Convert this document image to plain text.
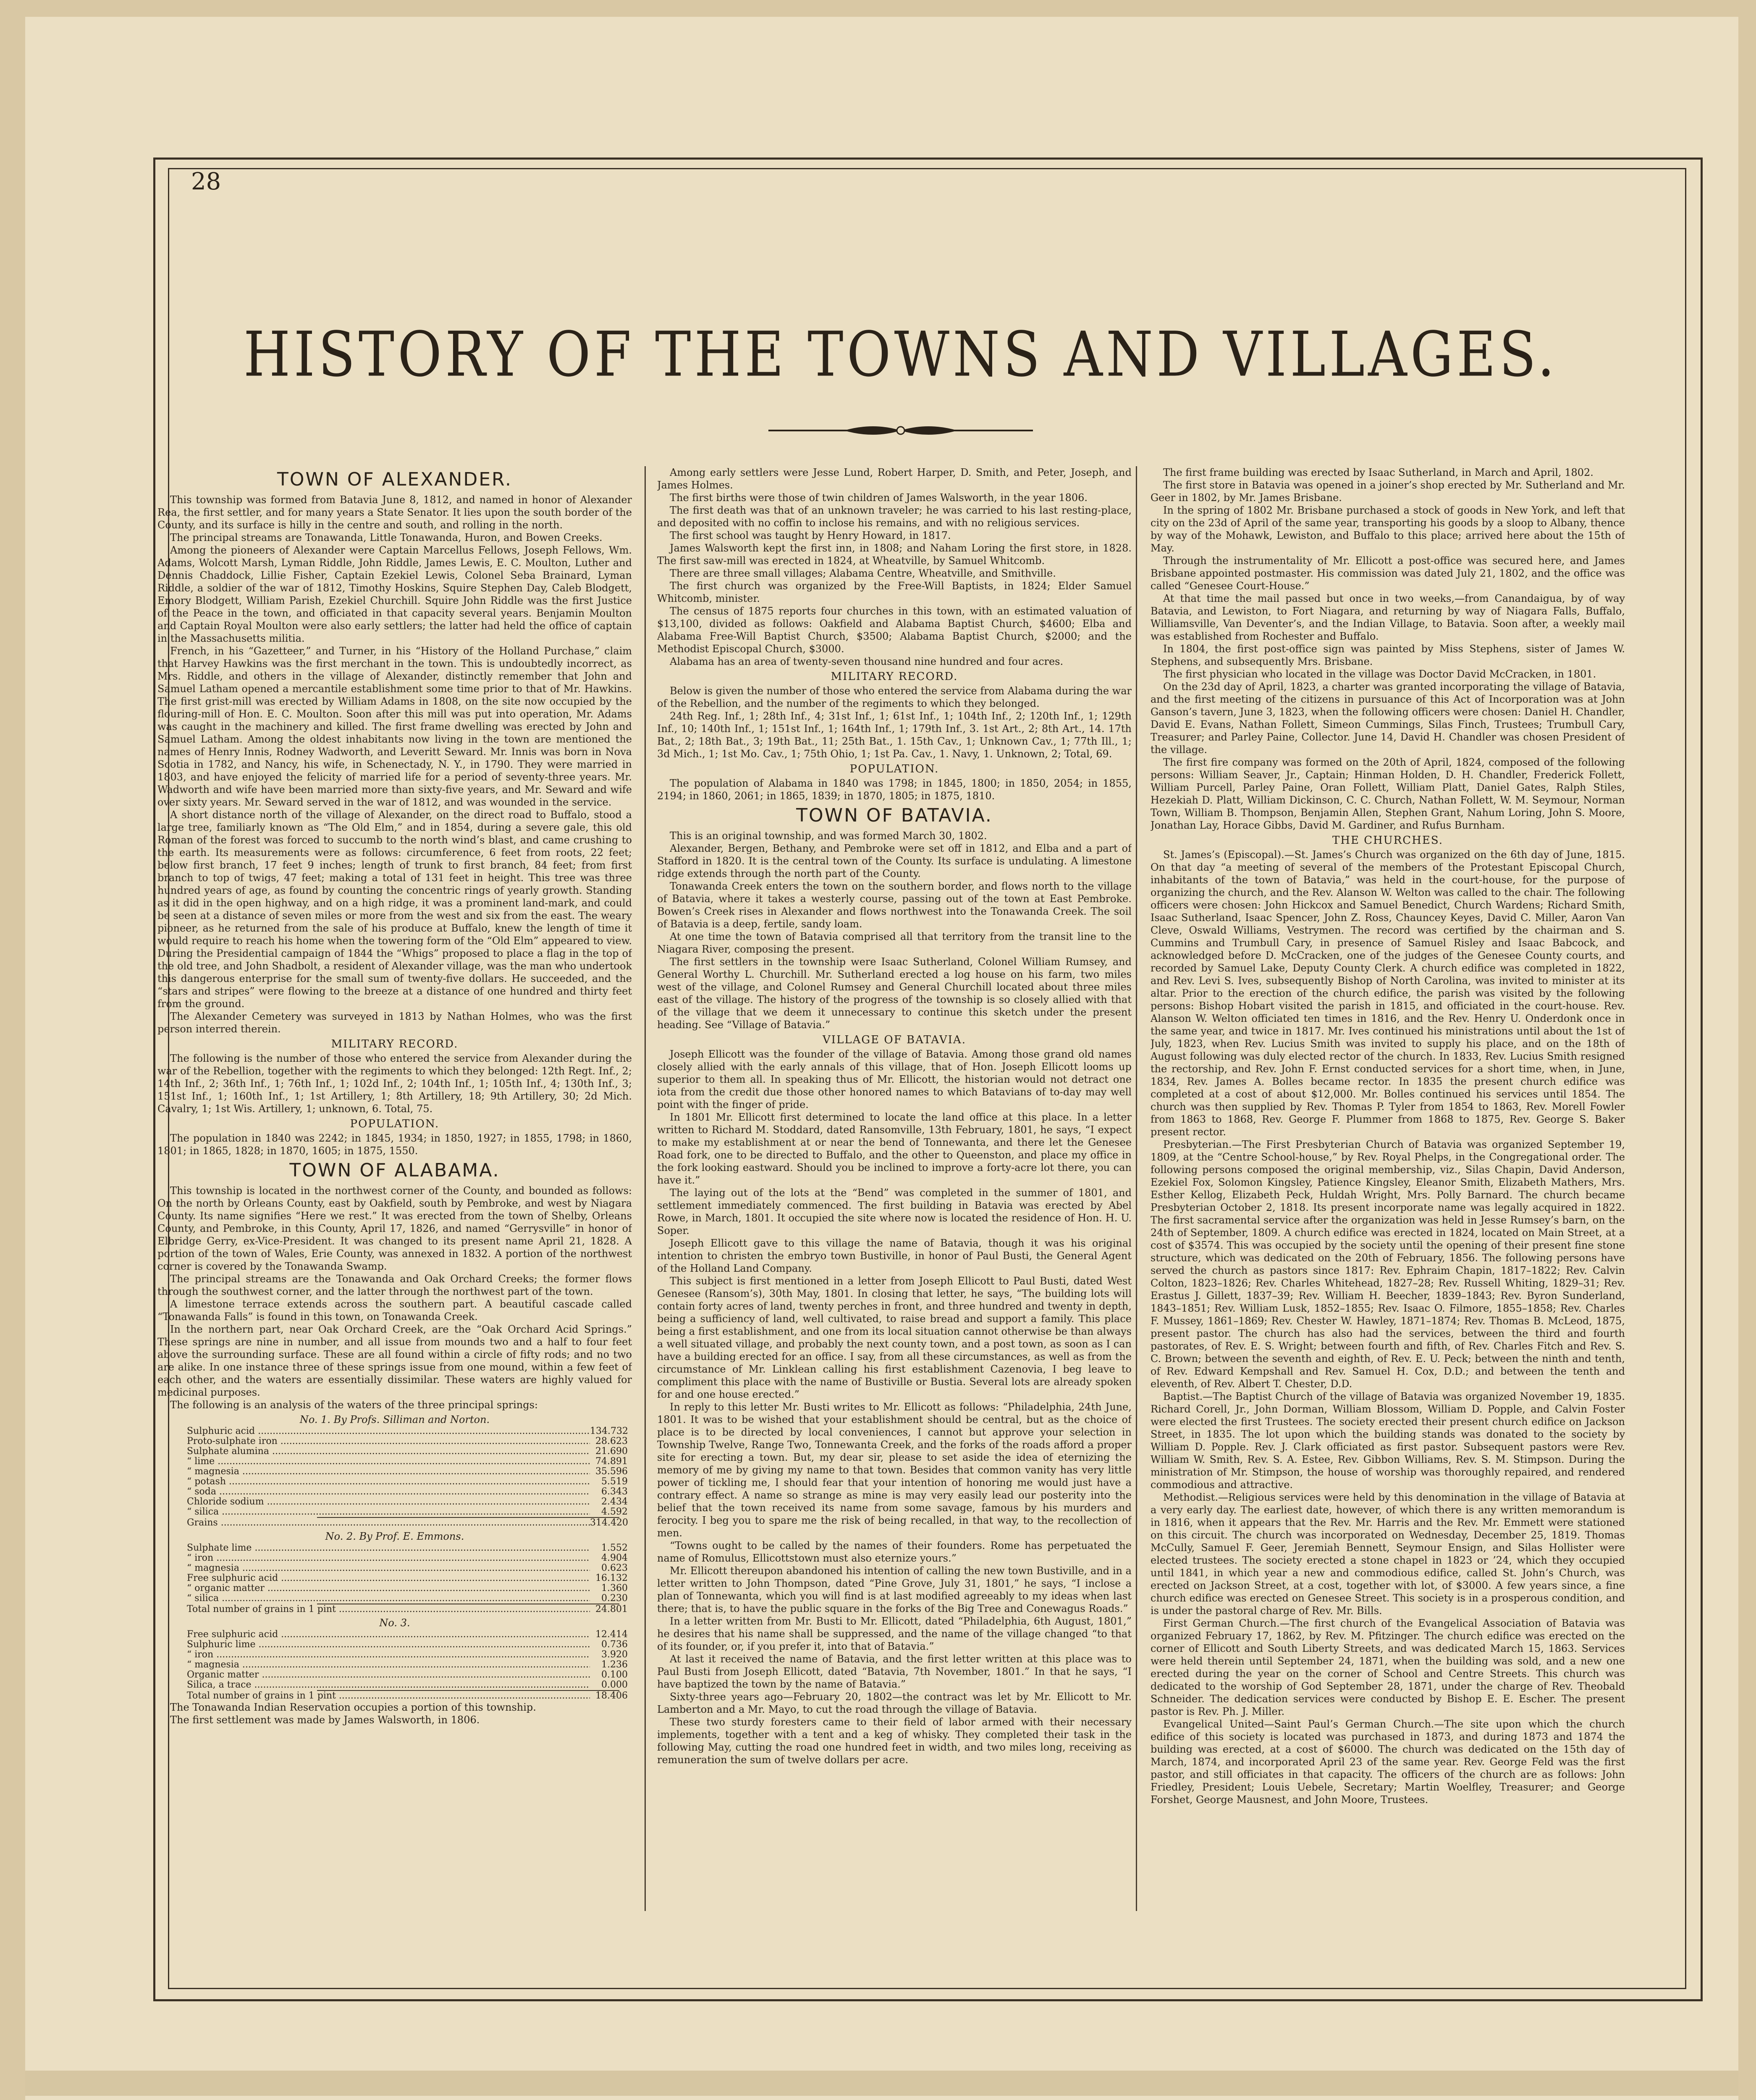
28
HISTORY OF THE TOWNS AND VILLAGES.
TOWN OF ALEXANDER.

This township was formed from Batavia June 8, 1812, and named in honor of Alexander Rea, the first settler, and for many years a State Senator. It lies upon the south border of the County, and its surface is hilly in the centre and south, and rolling in the north.

The principal streams are Tonawanda, Little Tonawanda, Huron, and Bowen Creeks.

Among the pioneers of Alexander were Captain Marcellus Fellows, Joseph Fellows, Wm. Adams, Wolcott Marsh, Lyman Riddle, John Riddle, James Lewis, E. C. Moulton, Luther and Dennis Chaddock, Lillie Fisher, Captain Ezekiel Lewis, Colonel Seba Brainard, Lyman Riddle, a soldier of the war of 1812, Timothy Hoskins, Squire Stephen Day, Caleb Blodgett, Emory Blodgett, William Parish, Ezekiel Churchill. Squire John Riddle was the first Justice of the Peace in the town, and officiated in that capacity several years. Benjamin Moulton and Captain Royal Moulton were also early settlers; the latter had held the office of captain in the Massachusetts militia.

French, in his “Gazetteer,” and Turner, in his “History of the Holland Purchase,” claim that Harvey Hawkins was the first merchant in the town. This is undoubtedly incorrect, as Mrs. Riddle, and others in the village of Alexander, distinctly remember that John and Samuel Latham opened a mercantile establishment some time prior to that of Mr. Hawkins. The first grist-mill was erected by William Adams in 1808, on the site now occupied by the flouring-mill of Hon. E. C. Moulton. Soon after this mill was put into operation, Mr. Adams was caught in the machinery and killed. The first frame dwelling was erected by John and Samuel Latham. Among the oldest inhabitants now living in the town are mentioned the names of Henry Innis, Rodney Wadworth, and Leveritt Seward. Mr. Innis was born in Nova Scotia in 1782, and Nancy, his wife, in Schenectady, N. Y., in 1790. They were married in 1803, and have enjoyed the felicity of married life for a period of seventy-three years. Mr. Wadworth and wife have been married more than sixty-five years, and Mr. Seward and wife over sixty years. Mr. Seward served in the war of 1812, and was wounded in the service.

A short distance north of the village of Alexander, on the direct road to Buffalo, stood a large tree, familiarly known as “The Old Elm,” and in 1854, during a severe gale, this old Roman of the forest was forced to succumb to the north wind’s blast, and came crushing to the earth. Its measurements were as follows: circumference, 6 feet from roots, 22 feet; below first branch, 17 feet 9 inches; length of trunk to first branch, 84 feet; from first branch to top of twigs, 47 feet; making a total of 131 feet in height. This tree was three hundred years of age, as found by counting the concentric rings of yearly growth. Standing as it did in the open highway, and on a high ridge, it was a prominent land-mark, and could be seen at a distance of seven miles or more from the west and six from the east. The weary pioneer, as he returned from the sale of his produce at Buffalo, knew the length of time it would require to reach his home when the towering form of the “Old Elm” appeared to view. During the Presidential campaign of 1844 the “Whigs” proposed to place a flag in the top of the old tree, and John Shadbolt, a resident of Alexander village, was the man who undertook this dangerous enterprise for the small sum of twenty-five dollars. He succeeded, and the “stars and stripes” were flowing to the breeze at a distance of one hundred and thirty feet from the ground.

The Alexander Cemetery was surveyed in 1813 by Nathan Holmes, who was the first person interred therein.

MILITARY RECORD.

The following is the number of those who entered the service from Alexander during the war of the Rebellion, together with the regiments to which they belonged: 12th Regt. Inf., 2; 14th Inf., 2; 36th Inf., 1; 76th Inf., 1; 102d Inf., 2; 104th Inf., 1; 105th Inf., 4; 130th Inf., 3; 151st Inf., 1; 160th Inf., 1; 1st Artillery, 1; 8th Artillery, 18; 9th Artillery, 30; 2d Mich. Cavalry, 1; 1st Wis. Artillery, 1; unknown, 6. Total, 75.

POPULATION.

The population in 1840 was 2242; in 1845, 1934; in 1850, 1927; in 1855, 1798; in 1860, 1801; in 1865, 1828; in 1870, 1605; in 1875, 1550.

TOWN OF ALABAMA.

This township is located in the northwest corner of the County, and bounded as follows: On the north by Orleans County, east by Oakfield, south by Pembroke, and west by Niagara County. Its name signifies “Here we rest.” It was erected from the town of Shelby, Orleans County, and Pembroke, in this County, April 17, 1826, and named “Gerrysville” in honor of Elbridge Gerry, ex-Vice-President. It was changed to its present name April 21, 1828. A portion of the town of Wales, Erie County, was annexed in 1832. A portion of the northwest corner is covered by the Tonawanda Swamp.

The principal streams are the Tonawanda and Oak Orchard Creeks; the former flows through the southwest corner, and the latter through the northwest part of the town.

A limestone terrace extends across the southern part. A beautiful cascade called “Tonawanda Falls” is found in this town, on Tonawanda Creek.

In the northern part, near Oak Orchard Creek, are the “Oak Orchard Acid Springs.” These springs are nine in number, and all issue from mounds two and a half to four feet above the surrounding surface. These are all found within a circle of fifty rods; and no two are alike. In one instance three of these springs issue from one mound, within a few feet of each other, and the waters are essentially dissimilar. These waters are highly valued for medicinal purposes.

The following is an analysis of the waters of the three principal springs:

No. 1. By Profs. Silliman and Norton.
Sulphuric acid .....	134.732
Proto-sulphate iron .....	28.623
Sulphate alumina .....	21.690
“ lime .....	74.891
“ magnesia .....	35.596
“ potash .....	5.519
“ soda .....	6.343
Chloride sodium .....	2.434
“ silica .....	4.592
Grains .....	314.420
No. 2. By Prof. E. Emmons.
Sulphate lime .....	1.552
“ iron .....	4.904
“ magnesia .....	0.623
Free sulphuric acid .....	16.132
“ organic matter .....	1.360
“ silica .....	0.230
Total number of grains in 1 pint .....	24.801
No. 3.
Free sulphuric acid .....	12.414
Sulphuric lime .....	0.736
“ iron .....	3.920
“ magnesia .....	1.236
Organic matter .....	0.100
Silica, a trace .....	0.000
Total number of grains in 1 pint .....	18.406

The Tonawanda Indian Reservation occupies a portion of this township.

The first settlement was made by James Walsworth, in 1806.

Among early settlers were Jesse Lund, Robert Harper, D. Smith, and Peter, Joseph, and James Holmes.

The first births were those of twin children of James Walsworth, in the year 1806.

The first death was that of an unknown traveler; he was carried to his last resting-place, and deposited with no coffin to inclose his remains, and with no religious services.

The first school was taught by Henry Howard, in 1817.

James Walsworth kept the first inn, in 1808; and Naham Loring the first store, in 1828. The first saw-mill was erected in 1824, at Wheatville, by Samuel Whitcomb.

There are three small villages; Alabama Centre, Wheatville, and Smithville.

The first church was organized by the Free-Will Baptists, in 1824; Elder Samuel Whitcomb, minister.

The census of 1875 reports four churches in this town, with an estimated valuation of $13,100, divided as follows: Oakfield and Alabama Baptist Church, $4600; Elba and Alabama Free-Will Baptist Church, $3500; Alabama Baptist Church, $2000; and the Methodist Episcopal Church, $3000.

Alabama has an area of twenty-seven thousand nine hundred and four acres.

MILITARY RECORD.

Below is given the number of those who entered the service from Alabama during the war of the Rebellion, and the number of the regiments to which they belonged.

24th Reg. Inf., 1; 28th Inf., 4; 31st Inf., 1; 61st Inf., 1; 104th Inf., 2; 120th Inf., 1; 129th Inf., 10; 140th Inf., 1; 151st Inf., 1; 164th Inf., 1; 179th Inf., 3. 1st Art., 2; 8th Art., 14. 17th Bat., 2; 18th Bat., 3; 19th Bat., 11; 25th Bat., 1. 15th Cav., 1; Unknown Cav., 1; 77th Ill., 1; 3d Mich., 1; 1st Mo. Cav., 1; 75th Ohio, 1; 1st Pa. Cav., 1. Navy, 1. Unknown, 2; Total, 69.

POPULATION.

The population of Alabama in 1840 was 1798; in 1845, 1800; in 1850, 2054; in 1855, 2194; in 1860, 2061; in 1865, 1839; in 1870, 1805; in 1875, 1810.

TOWN OF BATAVIA.

This is an original township, and was formed March 30, 1802.

Alexander, Bergen, Bethany, and Pembroke were set off in 1812, and Elba and a part of Stafford in 1820. It is the central town of the County. Its surface is undulating. A limestone ridge extends through the north part of the County.

Tonawanda Creek enters the town on the southern border, and flows north to the village of Batavia, where it takes a westerly course, passing out of the town at East Pembroke. Bowen’s Creek rises in Alexander and flows northwest into the Tonawanda Creek. The soil of Batavia is a deep, fertile, sandy loam.

At one time the town of Batavia comprised all that territory from the transit line to the Niagara River, composing the present.

The first settlers in the township were Isaac Sutherland, Colonel William Rumsey, and General Worthy L. Churchill. Mr. Sutherland erected a log house on his farm, two miles west of the village, and Colonel Rumsey and General Churchill located about three miles east of the village. The history of the progress of the township is so closely allied with that of the village that we deem it unnecessary to continue this sketch under the present heading. See “Village of Batavia.”

VILLAGE OF BATAVIA.

Joseph Ellicott was the founder of the village of Batavia. Among those grand old names closely allied with the early annals of this village, that of Hon. Joseph Ellicott looms up superior to them all. In speaking thus of Mr. Ellicott, the historian would not detract one iota from the credit due those other honored names to which Batavians of to-day may well point with the finger of pride.

In 1801 Mr. Ellicott first determined to locate the land office at this place. In a letter written to Richard M. Stoddard, dated Ransomville, 13th February, 1801, he says, “I expect to make my establishment at or near the bend of Tonnewanta, and there let the Genesee Road fork, one to be directed to Buffalo, and the other to Queenston, and place my office in the fork looking eastward. Should you be inclined to improve a forty-acre lot there, you can have it.”

The laying out of the lots at the “Bend” was completed in the summer of 1801, and settlement immediately commenced. The first building in Batavia was erected by Abel Rowe, in March, 1801. It occupied the site where now is located the residence of Hon. H. U. Soper.

Joseph Ellicott gave to this village the name of Batavia, though it was his original intention to christen the embryo town Bustiville, in honor of Paul Busti, the General Agent of the Holland Land Company.

This subject is first mentioned in a letter from Joseph Ellicott to Paul Busti, dated West Genesee (Ransom’s), 30th May, 1801. In closing that letter, he says, “The building lots will contain forty acres of land, twenty perches in front, and three hundred and twenty in depth, being a sufficiency of land, well cultivated, to raise bread and support a family. This place being a first establishment, and one from its local situation cannot otherwise be than always a well situated village, and probably the next county town, and a post town, as soon as I can have a building erected for an office. I say, from all these circumstances, as well as from the circumstance of Mr. Linklean calling his first establishment Cazenovia, I beg leave to compliment this place with the name of Bustiville or Bustia. Several lots are already spoken for and one house erected.”

In reply to this letter Mr. Busti writes to Mr. Ellicott as follows: “Philadelphia, 24th June, 1801. It was to be wished that your establishment should be central, but as the choice of place is to be directed by local conveniences, I cannot but approve your selection in Township Twelve, Range Two, Tonnewanta Creek, and the forks of the roads afford a proper site for erecting a town. But, my dear sir, please to set aside the idea of eternizing the memory of me by giving my name to that town. Besides that common vanity has very little power of tickling me, I should fear that your intention of honoring me would just have a contrary effect. A name so strange as mine is may very easily lead our posterity into the belief that the town received its name from some savage, famous by his murders and ferocity. I beg you to spare me the risk of being recalled, in that way, to the recollection of men.

“Towns ought to be called by the names of their founders. Rome has perpetuated the name of Romulus, Ellicottstown must also eternize yours.”

Mr. Ellicott thereupon abandoned his intention of calling the new town Bustiville, and in a letter written to John Thompson, dated “Pine Grove, July 31, 1801,” he says, “I inclose a plan of Tonnewanta, which you will find is at last modified agreeably to my ideas when last there; that is, to have the public square in the forks of the Big Tree and Conewagus Roads.”

In a letter written from Mr. Busti to Mr. Ellicott, dated “Philadelphia, 6th August, 1801,” he desires that his name shall be suppressed, and the name of the village changed “to that of its founder, or, if you prefer it, into that of Batavia.”

At last it received the name of Batavia, and the first letter written at this place was to Paul Busti from Joseph Ellicott, dated “Batavia, 7th November, 1801.” In that he says, “I have baptized the town by the name of Batavia.”

Sixty-three years ago—February 20, 1802—the contract was let by Mr. Ellicott to Mr. Lamberton and a Mr. Mayo, to cut the road through the village of Batavia.

These two sturdy foresters came to their field of labor armed with their necessary implements, together with a tent and a keg of whisky. They completed their task in the following May, cutting the road one hundred feet in width, and two miles long, receiving as remuneration the sum of twelve dollars per acre.

The first frame building was erected by Isaac Sutherland, in March and April, 1802.

The first store in Batavia was opened in a joiner’s shop erected by Mr. Sutherland and Mr. Geer in 1802, by Mr. James Brisbane.

In the spring of 1802 Mr. Brisbane purchased a stock of goods in New York, and left that city on the 23d of April of the same year, transporting his goods by a sloop to Albany, thence by way of the Mohawk, Lewiston, and Buffalo to this place; arrived here about the 15th of May.

Through the instrumentality of Mr. Ellicott a post-office was secured here, and James Brisbane appointed postmaster. His commission was dated July 21, 1802, and the office was called “Genesee Court-House.”

At that time the mail passed but once in two weeks,—from Canandaigua, by of way Batavia, and Lewiston, to Fort Niagara, and returning by way of Niagara Falls, Buffalo, Williamsville, Van Deventer’s, and the Indian Village, to Batavia. Soon after, a weekly mail was established from Rochester and Buffalo.

In 1804, the first post-office sign was painted by Miss Stephens, sister of James W. Stephens, and subsequently Mrs. Brisbane.

The first physician who located in the village was Doctor David McCracken, in 1801.

On the 23d day of April, 1823, a charter was granted incorporating the village of Batavia, and the first meeting of the citizens in pursuance of this Act of Incorporation was at John Ganson’s tavern, June 3, 1823, when the following officers were chosen: Daniel H. Chandler, David E. Evans, Nathan Follett, Simeon Cummings, Silas Finch, Trustees; Trumbull Cary, Treasurer; and Parley Paine, Collector. June 14, David H. Chandler was chosen President of the village.

The first fire company was formed on the 20th of April, 1824, composed of the following persons: William Seaver, Jr., Captain; Hinman Holden, D. H. Chandler, Frederick Follett, William Purcell, Parley Paine, Oran Follett, William Platt, Daniel Gates, Ralph Stiles, Hezekiah D. Platt, William Dickinson, C. C. Church, Nathan Follett, W. M. Seymour, Norman Town, William B. Thompson, Benjamin Allen, Stephen Grant, Nahum Loring, John S. Moore, Jonathan Lay, Horace Gibbs, David M. Gardiner, and Rufus Burnham.

THE CHURCHES.

St. James’s (Episcopal).—St. James’s Church was organized on the 6th day of June, 1815. On that day “a meeting of several of the members of the Protestant Episcopal Church, inhabitants of the town of Batavia,” was held in the court-house, for the purpose of organizing the church, and the Rev. Alanson W. Welton was called to the chair. The following officers were chosen: John Hickcox and Samuel Benedict, Church Wardens; Richard Smith, Isaac Sutherland, Isaac Spencer, John Z. Ross, Chauncey Keyes, David C. Miller, Aaron Van Cleve, Oswald Williams, Vestrymen. The record was certified by the chairman and S. Cummins and Trumbull Cary, in presence of Samuel Risley and Isaac Babcock, and acknowledged before D. McCracken, one of the judges of the Genesee County courts, and recorded by Samuel Lake, Deputy County Clerk. A church edifice was completed in 1822, and Rev. Levi S. Ives, subsequently Bishop of North Carolina, was invited to minister at its altar. Prior to the erection of the church edifice, the parish was visited by the following persons: Bishop Hobart visited the parish in 1815, and officiated in the court-house. Rev. Alanson W. Welton officiated ten times in 1816, and the Rev. Henry U. Onderdonk once in the same year, and twice in 1817. Mr. Ives continued his ministrations until about the 1st of July, 1823, when Rev. Lucius Smith was invited to supply his place, and on the 18th of August following was duly elected rector of the church. In 1833, Rev. Lucius Smith resigned the rectorship, and Rev. John F. Ernst conducted services for a short time, when, in June, 1834, Rev. James A. Bolles became rector. In 1835 the present church edifice was completed at a cost of about $12,000. Mr. Bolles continued his services until 1854. The church was then supplied by Rev. Thomas P. Tyler from 1854 to 1863, Rev. Morell Fowler from 1863 to 1868, Rev. George F. Plummer from 1868 to 1875, Rev. George S. Baker present rector.

Presbyterian.—The First Presbyterian Church of Batavia was organized September 19, 1809, at the “Centre School-house,” by Rev. Royal Phelps, in the Congregational order. The following persons composed the original membership, viz., Silas Chapin, David Anderson, Ezekiel Fox, Solomon Kingsley, Patience Kingsley, Eleanor Smith, Elizabeth Mathers, Mrs. Esther Kellog, Elizabeth Peck, Huldah Wright, Mrs. Polly Barnard. The church became Presbyterian October 2, 1818. Its present incorporate name was legally acquired in 1822. The first sacramental service after the organization was held in Jesse Rumsey’s barn, on the 24th of September, 1809. A church edifice was erected in 1824, located on Main Street, at a cost of $3574. This was occupied by the society until the opening of their present fine stone structure, which was dedicated on the 20th of February, 1856. The following persons have served the church as pastors since 1817: Rev. Ephraim Chapin, 1817–1822; Rev. Calvin Colton, 1823–1826; Rev. Charles Whitehead, 1827–28; Rev. Russell Whiting, 1829–31; Rev. Erastus J. Gillett, 1837–39; Rev. William H. Beecher, 1839–1843; Rev. Byron Sunderland, 1843–1851; Rev. William Lusk, 1852–1855; Rev. Isaac O. Filmore, 1855–1858; Rev. Charles F. Mussey, 1861–1869; Rev. Chester W. Hawley, 1871–1874; Rev. Thomas B. McLeod, 1875, present pastor. The church has also had the services, between the third and fourth pastorates, of Rev. E. S. Wright; between fourth and fifth, of Rev. Charles Fitch and Rev. S. C. Brown; between the seventh and eighth, of Rev. E. U. Peck; between the ninth and tenth, of Rev. Edward Kempshall and Rev. Samuel H. Cox, D.D.; and between the tenth and eleventh, of Rev. Albert T. Chester, D.D.

Baptist.—The Baptist Church of the village of Batavia was organized November 19, 1835. Richard Corell, Jr., John Dorman, William Blossom, William D. Popple, and Calvin Foster were elected the first Trustees. The society erected their present church edifice on Jackson Street, in 1835. The lot upon which the building stands was donated to the society by William D. Popple. Rev. J. Clark officiated as first pastor. Subsequent pastors were Rev. William W. Smith, Rev. S. A. Estee, Rev. Gibbon Williams, Rev. S. M. Stimpson. During the ministration of Mr. Stimpson, the house of worship was thoroughly repaired, and rendered commodious and attractive.

Methodist.—Religious services were held by this denomination in the village of Batavia at a very early day. The earliest date, however, of which there is any written memorandum is in 1816, when it appears that the Rev. Mr. Harris and the Rev. Mr. Emmett were stationed on this circuit. The church was incorporated on Wednesday, December 25, 1819. Thomas McCully, Samuel F. Geer, Jeremiah Bennett, Seymour Ensign, and Silas Hollister were elected trustees. The society erected a stone chapel in 1823 or ’24, which they occupied until 1841, in which year a new and commodious edifice, called St. John’s Church, was erected on Jackson Street, at a cost, together with lot, of $3000. A few years since, a fine church edifice was erected on Genesee Street. This society is in a prosperous condition, and is under the pastoral charge of Rev. Mr. Bills.

First German Church.—The first church of the Evangelical Association of Batavia was organized February 17, 1862, by Rev. M. Pfitzinger. The church edifice was erected on the corner of Ellicott and South Liberty Streets, and was dedicated March 15, 1863. Services were held therein until September 24, 1871, when the building was sold, and a new one erected during the year on the corner of School and Centre Streets. This church was dedicated to the worship of God September 28, 1871, under the charge of Rev. Theobald Schneider. The dedication services were conducted by Bishop E. E. Escher. The present pastor is Rev. Ph. J. Miller.

Evangelical United—Saint Paul’s German Church.—The site upon which the church edifice of this society is located was purchased in 1873, and during 1873 and 1874 the building was erected, at a cost of $6000. The church was dedicated on the 15th day of March, 1874, and incorporated April 23 of the same year. Rev. George Feld was the first pastor, and still officiates in that capacity. The officers of the church are as follows: John Friedley, President; Louis Uebele, Secretary; Martin Woelfley, Treasurer; and George Forshet, George Mausnest, and John Moore, Trustees.
